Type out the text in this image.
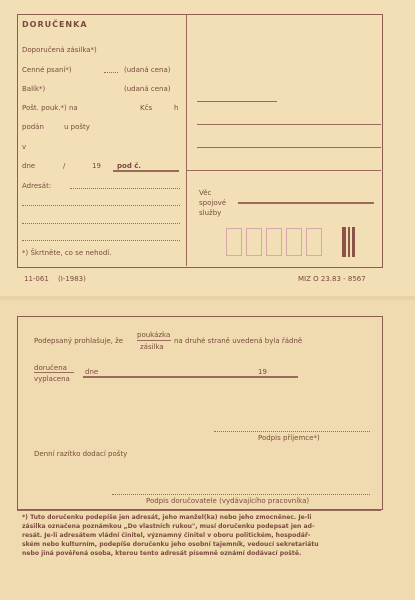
DORUČENKA
Doporučená zásilka*)
Cenné psaní*)	(udaná cena)
Balík*)	(udaná cena)
Pošt. pouk.*) na	Kčs	h
podán	u pošty
v
dne	/	19 pod č.
Adresát:
*) Škrtněte, co se nehodí.
Věc
spojové
služby
11-061 (I-1983)	MIZ O 23.83 - 8567
Podepsaný prohlašuje, že
poukázka
zásilka
na druhé straně uvedená byla řádně
doručena
vyplacena
dne	19
Podpis příjemce*)
Denní razítko dodací pošty
Podpis doručovatele (vydávajícího pracovníka)
*) Tuto doručenku podepíše jen adresát, jeho manžel(ka) nebo jeho zmocněnec. Je-li
zásilka označena poznámkou „Do vlastních rukou", musí doručenku podepsat jen ad-
resát. Je-li adresátem vládní činitel, významný činitel v oboru politickém, hospodář-
ském nebo kulturním, podepíše doručenku jeho osobní tajemník, vedoucí sekretariátu
nebo jiná pověřená osoba, kterou tento adresát písemně oznámí dodávací poště.
